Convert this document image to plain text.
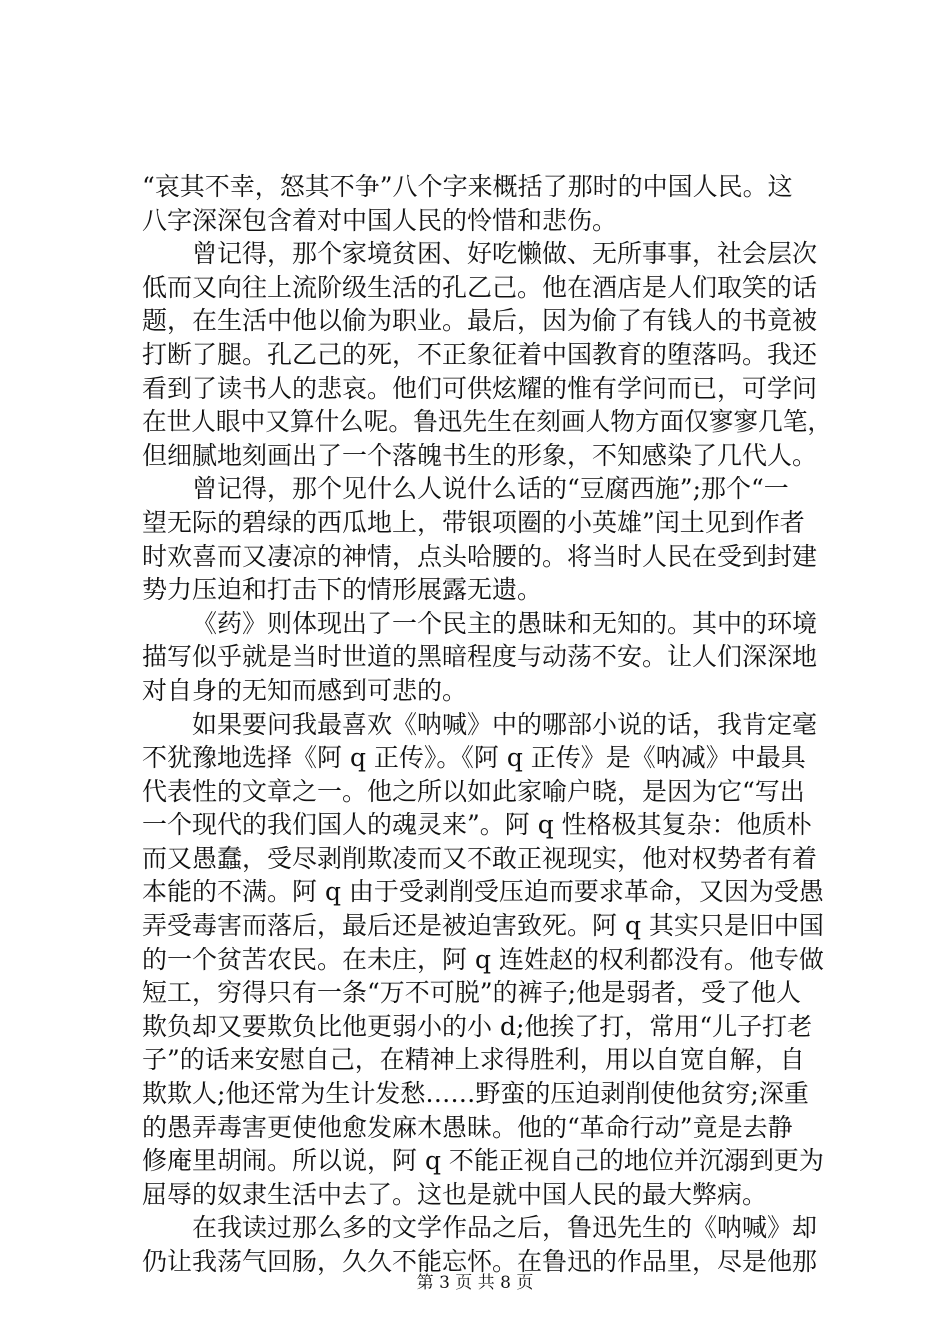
“哀其不幸，怒其不争”八个字来概括了那时的中国人民。这
八字深深包含着对中国人民的怜惜和悲伤。
曾记得，那个家境贫困、好吃懒做、无所事事，社会层次
低而又向往上流阶级生活的孔乙己。他在酒店是人们取笑的话
题，在生活中他以偷为职业。最后，因为偷了有钱人的书竟被
打断了腿。孔乙己的死，不正象征着中国教育的堕落吗。我还
看到了读书人的悲哀。他们可供炫耀的惟有学问而已，可学问
在世人眼中又算什么呢。鲁迅先生在刻画人物方面仅寥寥几笔，
但细腻地刻画出了一个落魄书生的形象，不知感染了几代人。
曾记得，那个见什么人说什么话的“豆腐西施”;那个“一
望无际的碧绿的西瓜地上，带银项圈的小英雄”闰土见到作者
时欢喜而又凄凉的神情，点头哈腰的。将当时人民在受到封建
势力压迫和打击下的情形展露无遗。
《药》则体现出了一个民主的愚昧和无知的。其中的环境
描写似乎就是当时世道的黑暗程度与动荡不安。让人们深深地
对自身的无知而感到可悲的。
如果要问我最喜欢《呐喊》中的哪部小说的话，我肯定毫
不犹豫地选择《阿 q 正传》。《阿 q 正传》是《呐减》中最具
代表性的文章之一。他之所以如此家喻户晓，是因为它“写出
一个现代的我们国人的魂灵来”。阿 q 性格极其复杂：他质朴
而又愚蠢，受尽剥削欺凌而又不敢正视现实，他对权势者有着
本能的不满。阿 q 由于受剥削受压迫而要求革命，又因为受愚
弄受毒害而落后，最后还是被迫害致死。阿 q 其实只是旧中国
的一个贫苦农民。在未庄，阿 q 连姓赵的权利都没有。他专做
短工，穷得只有一条“万不可脱”的裤子;他是弱者，受了他人
欺负却又要欺负比他更弱小的小 d;他挨了打，常用“儿子打老
子”的话来安慰自己，在精神上求得胜利，用以自宽自解，自
欺欺人;他还常为生计发愁……野蛮的压迫剥削使他贫穷;深重
的愚弄毒害更使他愈发麻木愚昧。他的“革命行动”竟是去静
修庵里胡闹。所以说，阿 q 不能正视自己的地位并沉溺到更为
屈辱的奴隶生活中去了。这也是就中国人民的最大弊病。
在我读过那么多的文学作品之后，鲁迅先生的《呐喊》却
仍让我荡气回肠，久久不能忘怀。在鲁迅的作品里，尽是他那
第 3 页 共 8 页
